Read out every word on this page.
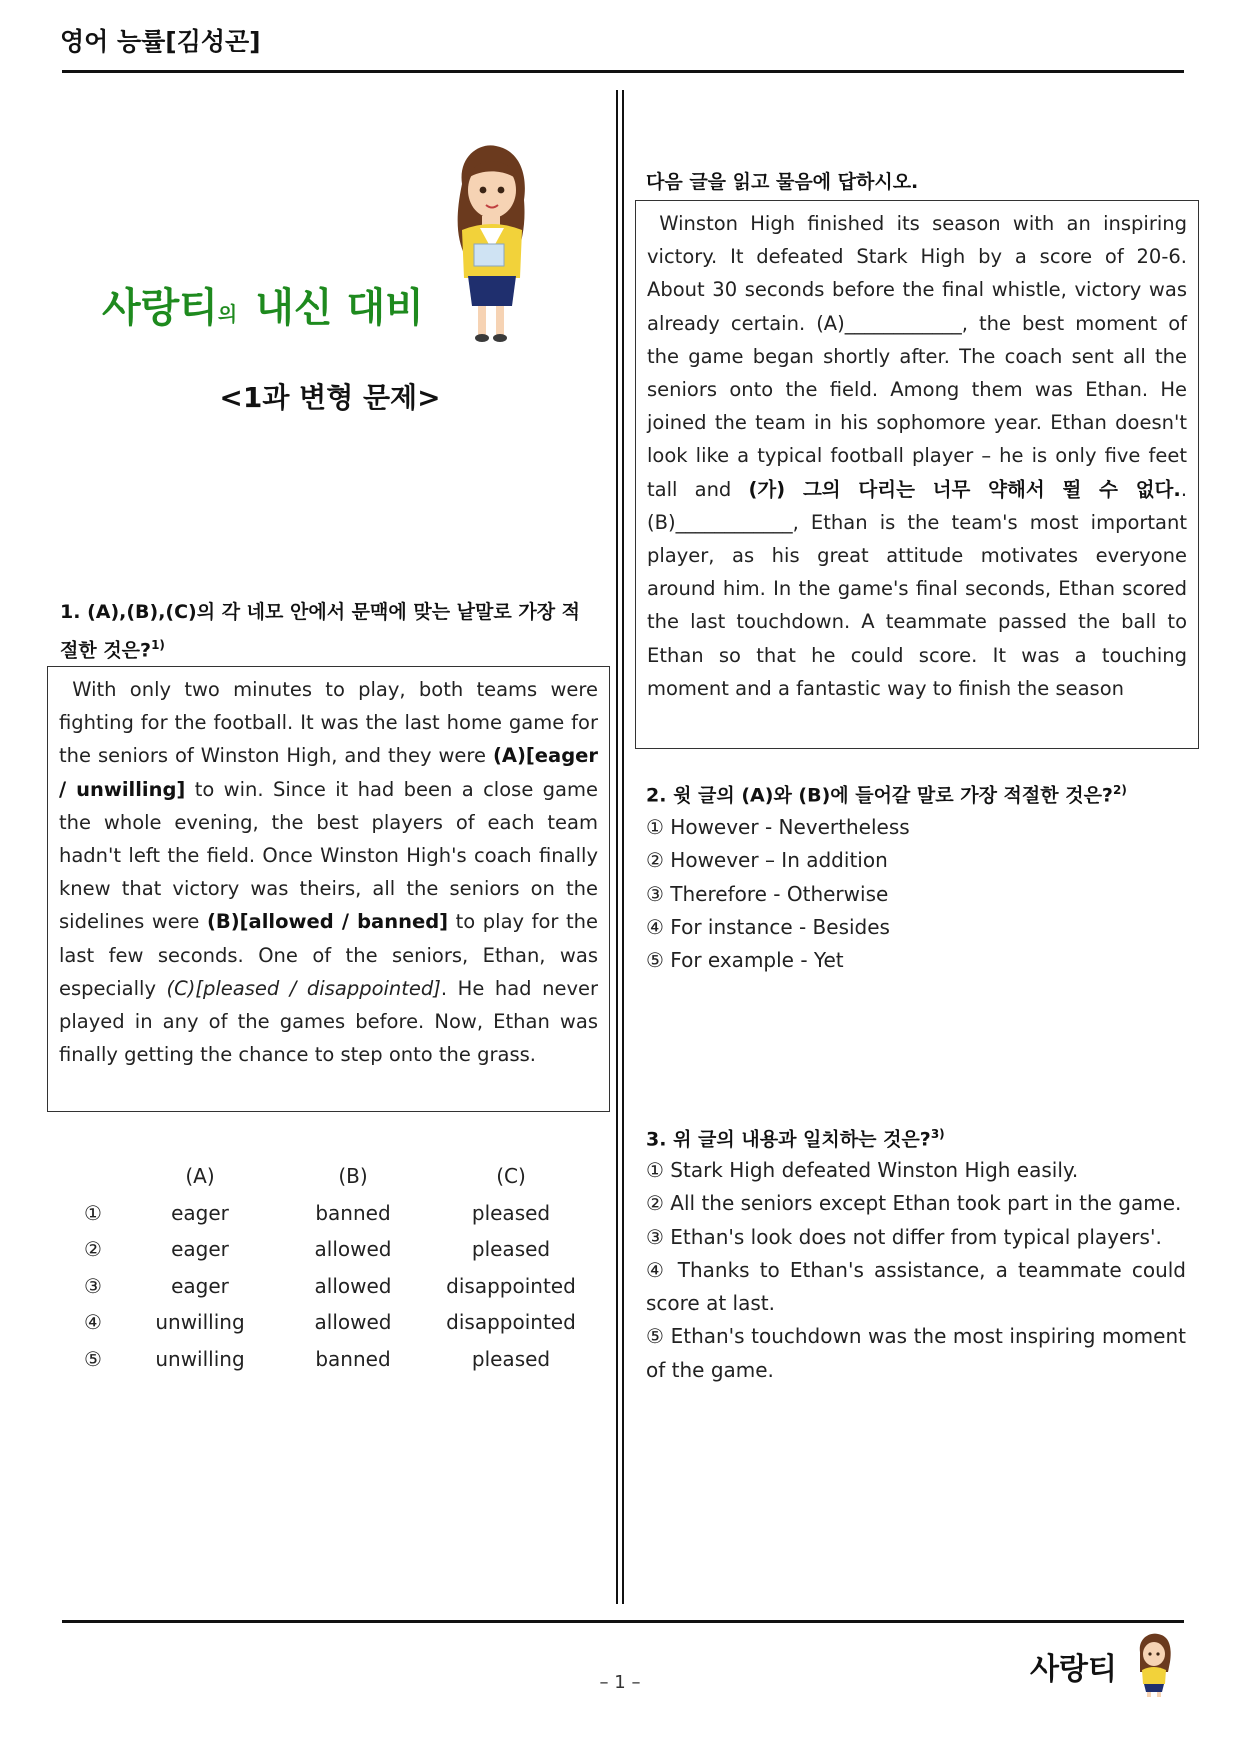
영어 능률[김성곤]
사랑티의 내신 대비
<1과 변형 문제>
1. (A),(B),(C)의 각 네모 안에서 문맥에 맞는 낱말로 가장 적절한 것은?$^{1)}$
With only two minutes to play, both teams were fighting for the football. It was the last home game for the seniors of Winston High, and they were (A)[eager / unwilling] to win. Since it had been a close game the whole evening, the best players of each team hadn't left the field. Once Winston High's coach finally knew that victory was theirs, all the seniors on the sidelines were (B)[allowed / banned] to play for the last few seconds. One of the seniors, Ethan, was especially (C)[pleased / disappointed]. He had never played in any of the games before. Now, Ethan was finally getting the chance to step onto the grass.
	(A)	(B)	(C)
①	eager	banned	pleased
②	eager	allowed	pleased
③	eager	allowed	disappointed
④	unwilling	allowed	disappointed
⑤	unwilling	banned	pleased
다음 글을 읽고 물음에 답하시오.
Winston High finished its season with an inspiring victory. It defeated Stark High by a score of 20-6. About 30 seconds before the final whistle, victory was already certain. (A)____________, the best moment of the game began shortly after. The coach sent all the seniors onto the field. Among them was Ethan. He joined the team in his sophomore year. Ethan doesn't look like a typical football player – he is only five feet tall and (가) 그의 다리는 너무 약해서 뛸 수 없다..(B)____________, Ethan is the team's most important player, as his great attitude motivates everyone around him. In the game's final seconds, Ethan scored the last touchdown. A teammate passed the ball to Ethan so that he could score. It was a touching moment and a fantastic way to finish the season
2. 윗 글의 (A)와 (B)에 들어갈 말로 가장 적절한 것은?$^{2)}$
① However - Nevertheless
② However – In addition
③ Therefore - Otherwise
④ For instance - Besides
⑤ For example - Yet
3. 위 글의 내용과 일치하는 것은?$^{3)}$
① Stark High defeated Winston High easily.
② All the seniors except Ethan took part in the game.
③ Ethan's look does not differ from typical players'.
④ Thanks to Ethan's assistance, a teammate could score at last.
⑤ Ethan's touchdown was the most inspiring moment of the game.
– 1 –	사랑티
